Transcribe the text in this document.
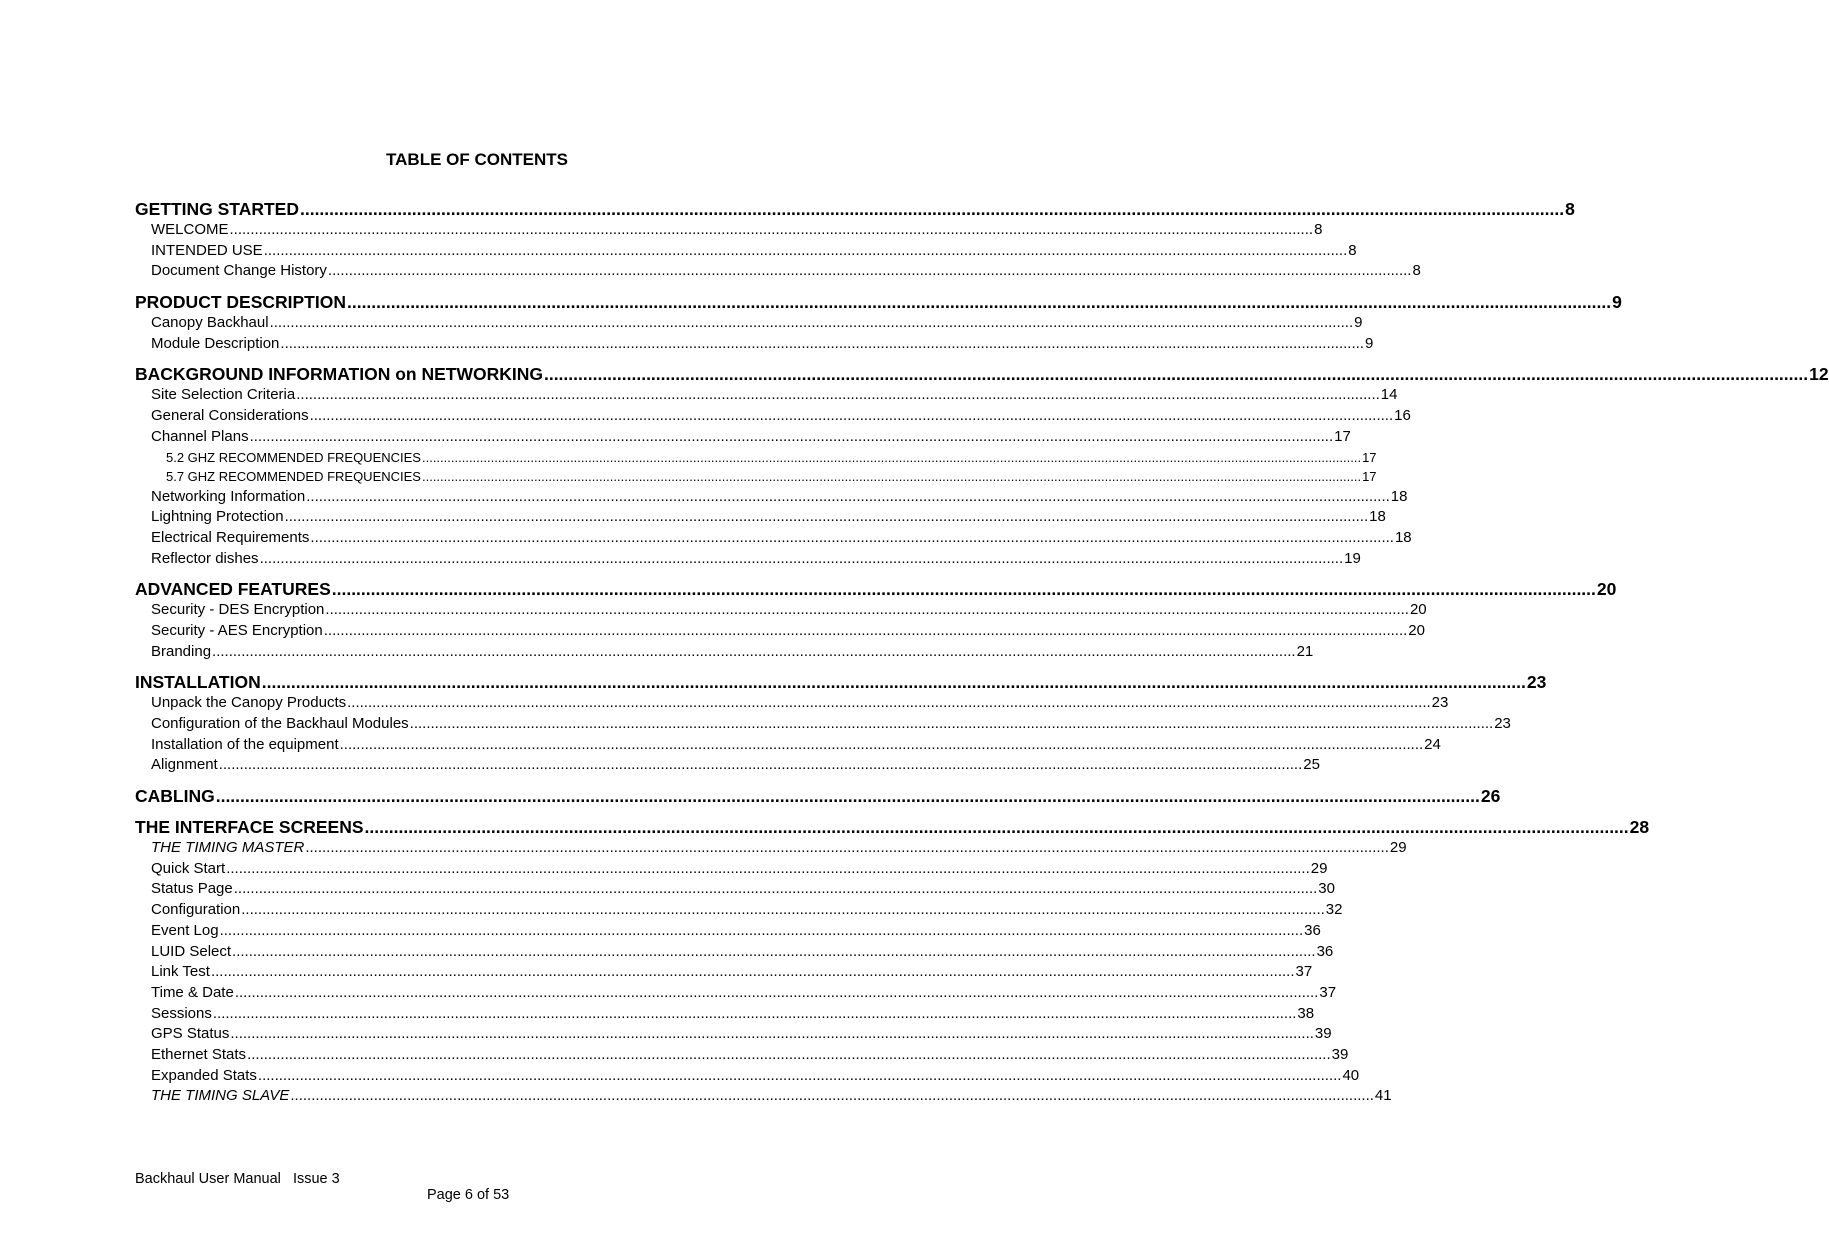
TABLE OF CONTENTS
GETTING STARTED .................................................................................................................................................................................................................................................................... 8
WELCOME .................................................................................................................................................................................................................................................................... 8
INTENDED USE .................................................................................................................................................................................................................................................................... 8
Document Change History .................................................................................................................................................................................................................................................................... 8
PRODUCT DESCRIPTION .................................................................................................................................................................................................................................................................... 9
Canopy Backhaul .................................................................................................................................................................................................................................................................... 9
Module Description .................................................................................................................................................................................................................................................................... 9
BACKGROUND INFORMATION on NETWORKING .................................................................................................................................................................................................................................................................... 12
Site Selection Criteria .................................................................................................................................................................................................................................................................... 14
General Considerations .................................................................................................................................................................................................................................................................... 16
Channel Plans .................................................................................................................................................................................................................................................................... 17
5.2 GHZ RECOMMENDED FREQUENCIES .................................................................................................................................................................................................................................................................... 17
5.7 GHZ RECOMMENDED FREQUENCIES .................................................................................................................................................................................................................................................................... 17
Networking Information .................................................................................................................................................................................................................................................................... 18
Lightning Protection .................................................................................................................................................................................................................................................................... 18
Electrical Requirements .................................................................................................................................................................................................................................................................... 18
Reflector dishes .................................................................................................................................................................................................................................................................... 19
ADVANCED FEATURES .................................................................................................................................................................................................................................................................... 20
Security - DES Encryption .................................................................................................................................................................................................................................................................... 20
Security - AES Encryption .................................................................................................................................................................................................................................................................... 20
Branding .................................................................................................................................................................................................................................................................... 21
INSTALLATION .................................................................................................................................................................................................................................................................... 23
Unpack the Canopy Products .................................................................................................................................................................................................................................................................... 23
Configuration of the Backhaul Modules .................................................................................................................................................................................................................................................................... 23
Installation of the equipment .................................................................................................................................................................................................................................................................... 24
Alignment .................................................................................................................................................................................................................................................................... 25
CABLING .................................................................................................................................................................................................................................................................... 26
THE INTERFACE SCREENS .................................................................................................................................................................................................................................................................... 28
THE TIMING MASTER .................................................................................................................................................................................................................................................................... 29
Quick Start .................................................................................................................................................................................................................................................................... 29
Status Page .................................................................................................................................................................................................................................................................... 30
Configuration .................................................................................................................................................................................................................................................................... 32
Event Log .................................................................................................................................................................................................................................................................... 36
LUID Select .................................................................................................................................................................................................................................................................... 36
Link Test .................................................................................................................................................................................................................................................................... 37
Time & Date .................................................................................................................................................................................................................................................................... 37
Sessions .................................................................................................................................................................................................................................................................... 38
GPS Status .................................................................................................................................................................................................................................................................... 39
Ethernet Stats .................................................................................................................................................................................................................................................................... 39
Expanded Stats .................................................................................................................................................................................................................................................................... 40
THE TIMING SLAVE .................................................................................................................................................................................................................................................................... 41

Backhaul User Manual   Issue 3

Page 6 of 53
